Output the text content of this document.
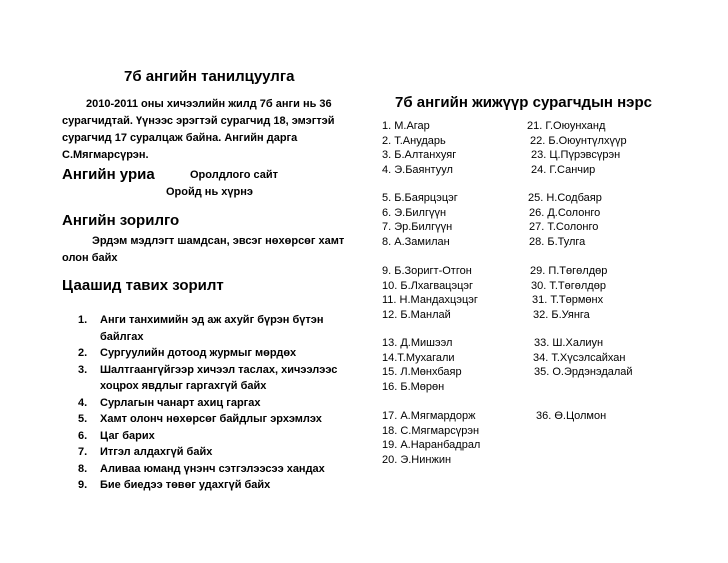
7б ангийн танилцуулга
2010-2011 оны хичээлийн жилд 7б анги нь 36
сурагчидтай. Үүнээс эрэгтэй сурагчид 18, эмэгтэй
сурагчид 17 суралцаж байна. Ангийн дарга
С.Мягмарсүрэн.
Ангийн уриа	Оролдлого сайт
Оройд нь хүрнэ
Ангийн зорилго
Эрдэм мэдлэгт шамдсан, эвсэг нөхөрсөг хамт
олон байх
Цаашид тавих зорилт
1. Анги танхимийн эд аж ахуйг бүрэн бүтэн
байлгах
2. Сургуулийн дотоод журмыг мөрдөх
3. Шалтгаангүйгээр хичээл таслах, хичээлээс
хоцрох явдлыг гаргахгүй байх
4. Сурлагын чанарт ахиц гаргах
5. Хамт олонч нөхөрсөг байдлыг эрхэмлэх
6. Цаг барих
7. Итгэл алдахгүй байх
8. Аливаа юманд үнэнч сэтгэлээсээ хандах
9. Бие биедээ төвөг удахгүй байх
7б ангийн жижүүр сурагчдын нэрс
1. М.Агар	21. Г.Оюунханд
2. Т.Анударь	22. Б.Оюунтүлхүүр
3. Б.Алтанхуяг	23. Ц.Пүрэвсүрэн
4. Э.Баянтуул	24. Г.Санчир
5. Б.Баярцэцэг	25. Н.Содбаяр
6. Э.Билгүүн	26. Д.Солонго
7. Эр.Билгүүн	27. Т.Солонго
8. А.Замилан	28. Б.Тулга
9. Б.Зоригт-Отгон	29. П.Төгөлдөр
10. Б.Лхагвацэцэг	30. Т.Төгөлдөр
11. Н.Мандахцэцэг	31. Т.Төрмөнх
12. Б.Манлай	32. Б.Уянга
13. Д.Мишээл	33. Ш.Халиун
14.Т.Мухагали	34. Т.Хүсэлсайхан
15. Л.Мөнхбаяр	35. О.Эрдэнэдалай
16. Б.Мөрөн
17. А.Мягмардорж	36. Ө.Цолмон
18. С.Мягмарсүрэн
19. А.Наранбадрал
20. Э.Нинжин
